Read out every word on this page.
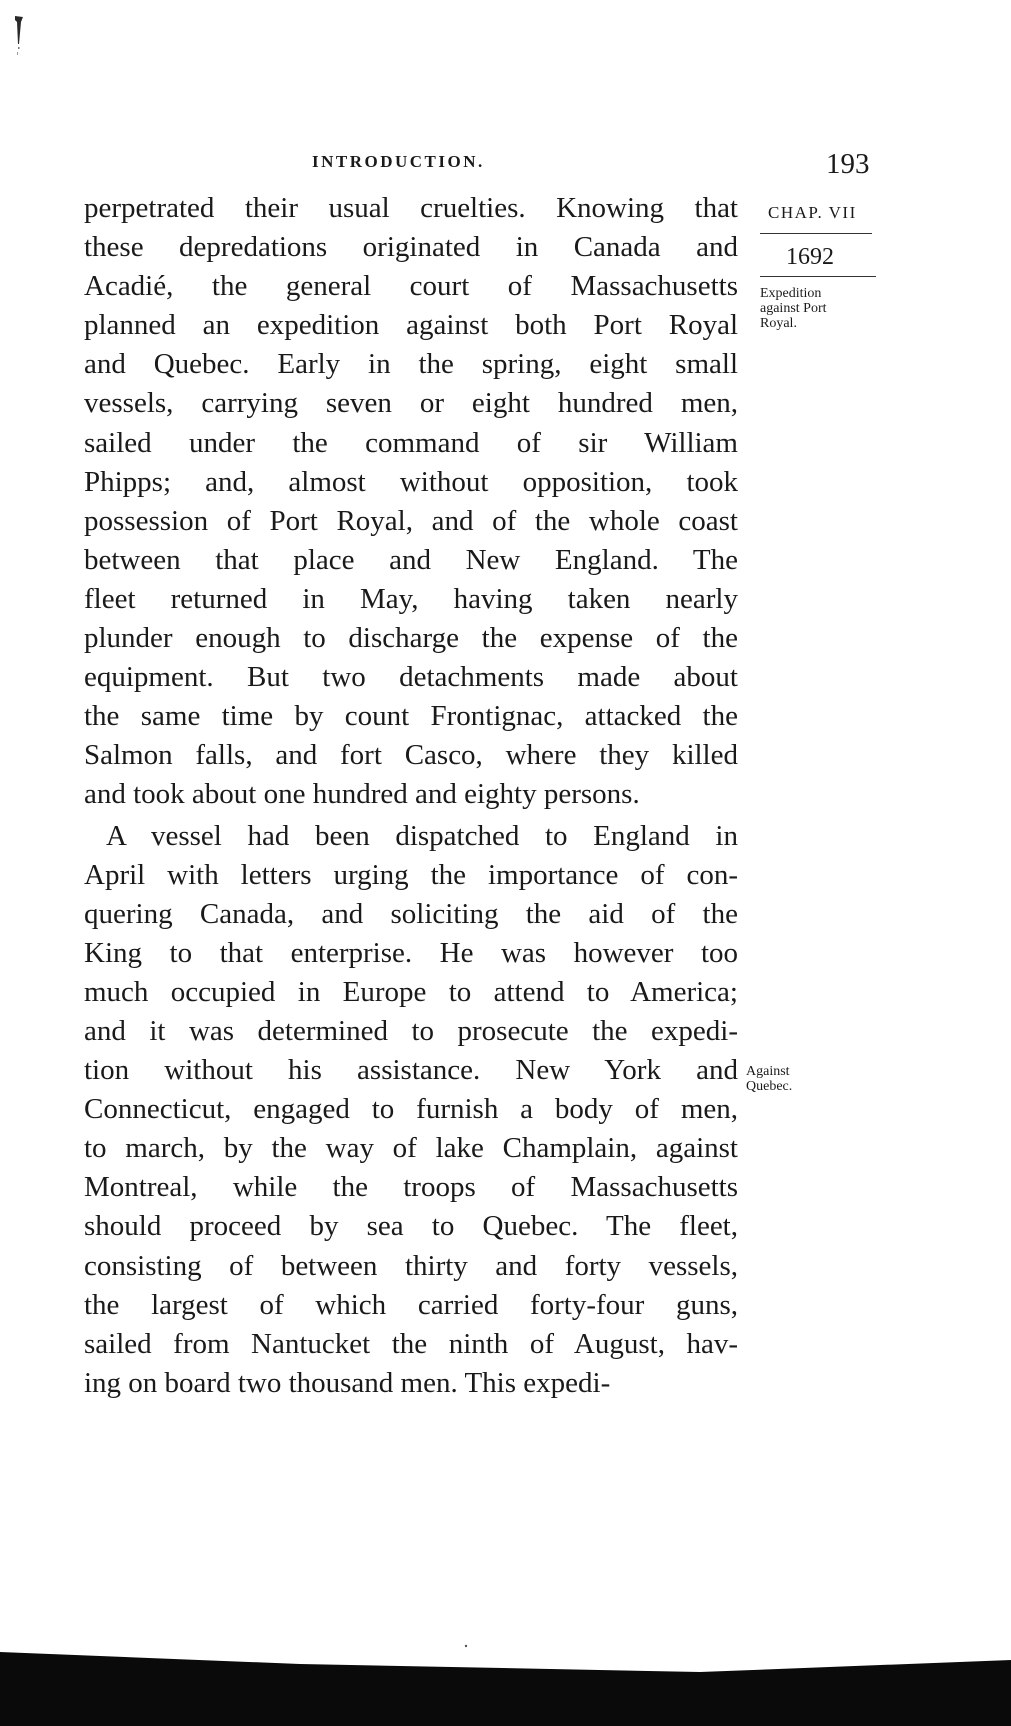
INTRODUCTION.	193
CHAP. VII
1692
Expedition
against Port
Royal.
Against
Quebec.
perpetrated their usual cruelties. Knowing that
these depredations originated in Canada and
Acadié, the general court of Massachusetts
planned an expedition against both Port Royal
and Quebec. Early in the spring, eight small
vessels, carrying seven or eight hundred men,
sailed under the command of sir William
Phipps; and, almost without opposition, took
possession of Port Royal, and of the whole coast
between that place and New England. The
fleet returned in May, having taken nearly
plunder enough to discharge the expense of the
equipment. But two detachments made about
the same time by count Frontignac, attacked the
Salmon falls, and fort Casco, where they killed
and took about one hundred and eighty persons.
A vessel had been dispatched to England in
April with letters urging the importance of con-
quering Canada, and soliciting the aid of the
King to that enterprise. He was however too
much occupied in Europe to attend to America;
and it was determined to prosecute the expedi-
tion without his assistance. New York and
Connecticut, engaged to furnish a body of men,
to march, by the way of lake Champlain, against
Montreal, while the troops of Massachusetts
should proceed by sea to Quebec. The fleet,
consisting of between thirty and forty vessels,
the largest of which carried forty-four guns,
sailed from Nantucket the ninth of August, hav-
ing on board two thousand men. This expedi-
